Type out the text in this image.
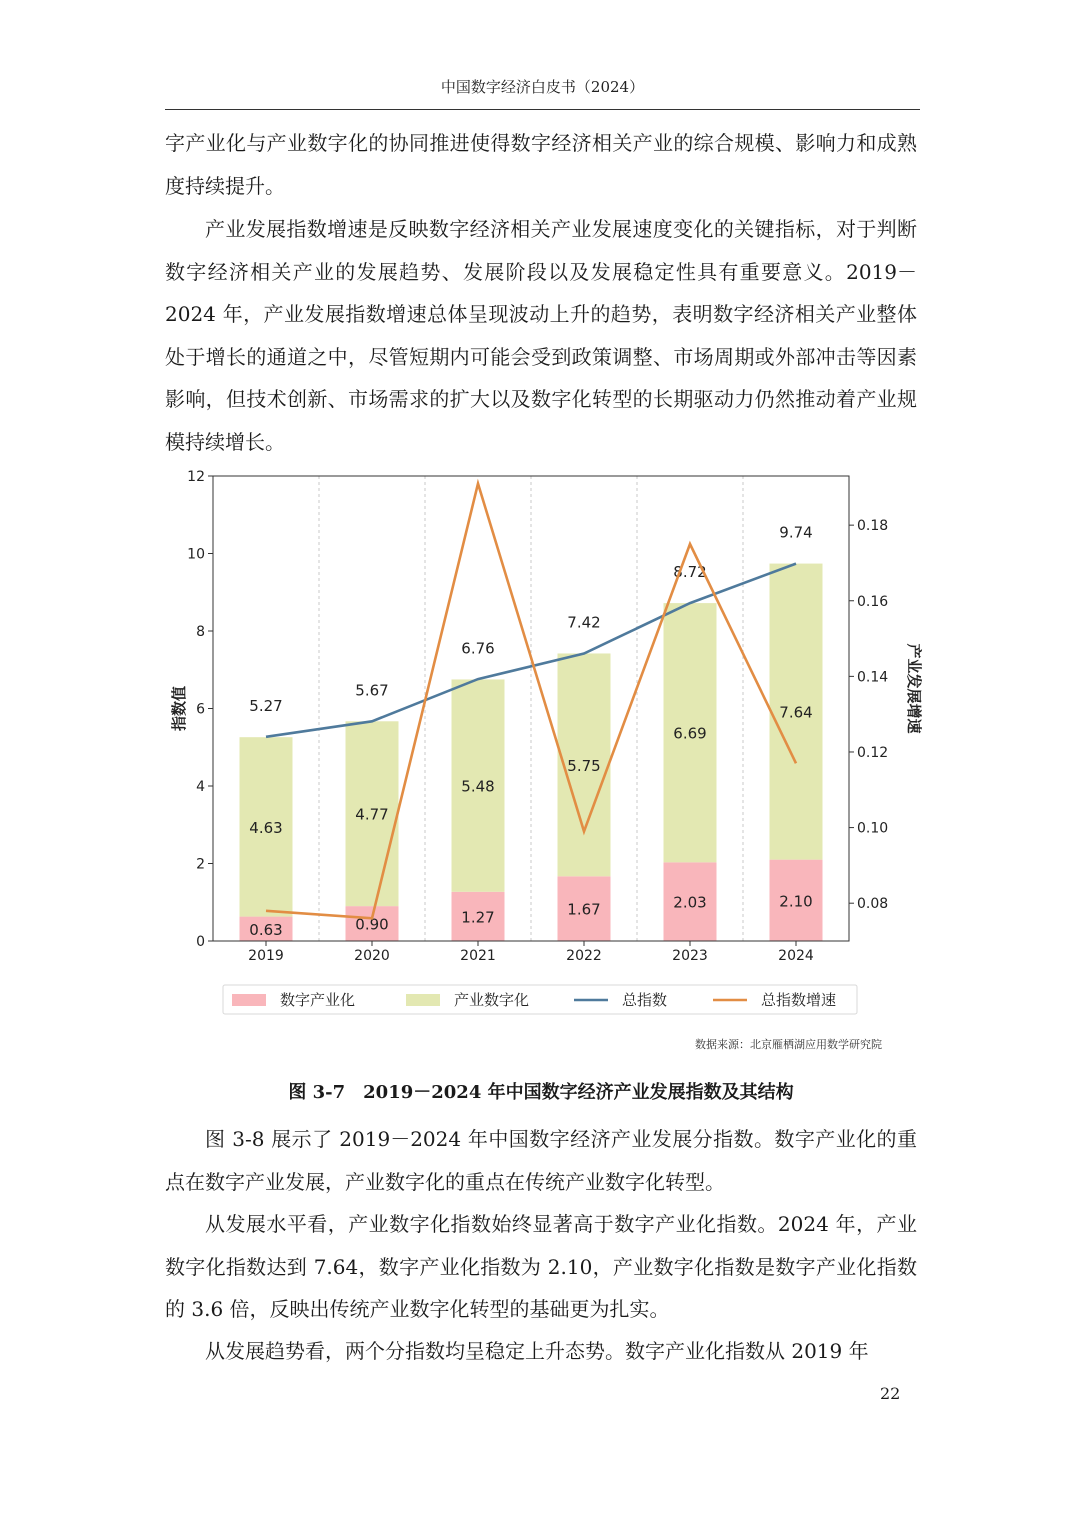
中国数字经济白皮书（2024）

字产业化与产业数字化的协同推进使得数字经济相关产业的综合规模、影响力和成熟度持续提升。

产业发展指数增速是反映数字经济相关产业发展速度变化的关键指标，对于判断数字经济相关产业的发展趋势、发展阶段以及发展稳定性具有重要意义。2019－2024 年，产业发展指数增速总体呈现波动上升的趋势，表明数字经济相关产业整体处于增长的通道之中，尽管短期内可能会受到政策调整、市场周期或外部冲击等因素影响，但技术创新、市场需求的扩大以及数字化转型的长期驱动力仍然推动着产业规模持续增长。

0.63
4.63
5.27
2019
0.90
4.77
5.67
2020
1.27
5.48
6.76
2021
1.67
5.75
7.42
2022
2.03
6.69
8.72
2023
2.10
7.64
9.74
2024
0
2
4
6
8
10
12
0.08
0.10
0.12
0.14
0.16
0.18
指数值	产业发展增速
数字产业化	产业数字化	总指数	总指数增速
数据来源：北京雁栖湖应用数学研究院
图 3-7　2019－2024 年中国数字经济产业发展指数及其结构

图 3-8 展示了 2019－2024 年中国数字经济产业发展分指数。数字产业化的重点在数字产业发展，产业数字化的重点在传统产业数字化转型。

从发展水平看，产业数字化指数始终显著高于数字产业化指数。2024 年，产业数字化指数达到 7.64，数字产业化指数为 2.10，产业数字化指数是数字产业化指数的 3.6 倍，反映出传统产业数字化转型的基础更为扎实。

从发展趋势看，两个分指数均呈稳定上升态势。数字产业化指数从 2019 年

22
